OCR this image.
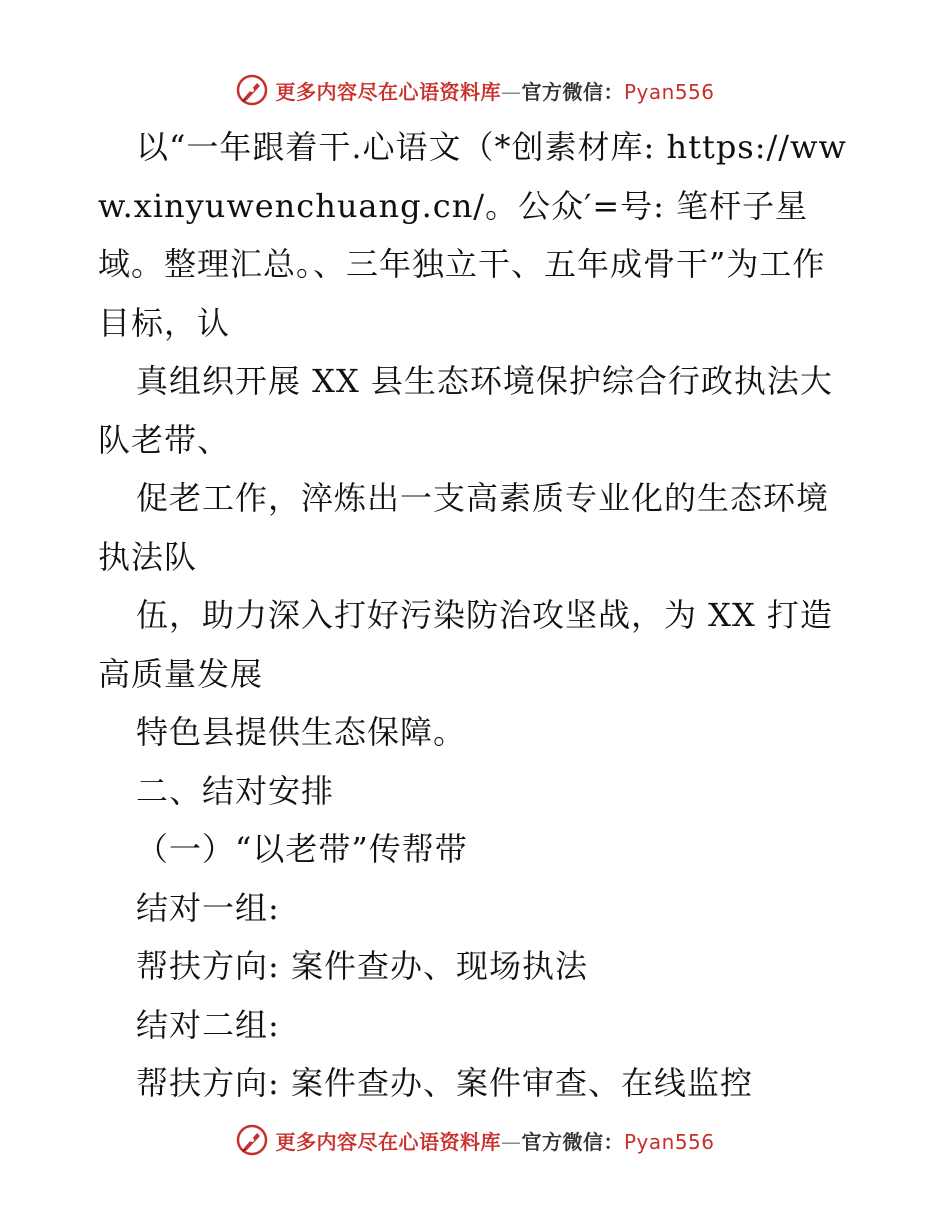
更多内容尽在心语资料库—官方微信：Pyan556

以“一年跟着干.心语文（*创素材库: https://www.xinyuwenchuang.cn/。公众′=号: 笔杆子星域。整理汇总。、三年独立干、五年成骨干”为工作目标，认

真组织开展 XX 县生态环境保护综合行政执法大队老带、

促老工作，淬炼出一支高素质专业化的生态环境执法队

伍，助力深入打好污染防治攻坚战，为 XX 打造高质量发展

特色县提供生态保障。

二、结对安排

（一）“以老带”传帮带

结对一组:

帮扶方向: 案件查办、现场执法

结对二组:

帮扶方向: 案件查办、案件审查、在线监控

更多内容尽在心语资料库—官方微信：Pyan556
